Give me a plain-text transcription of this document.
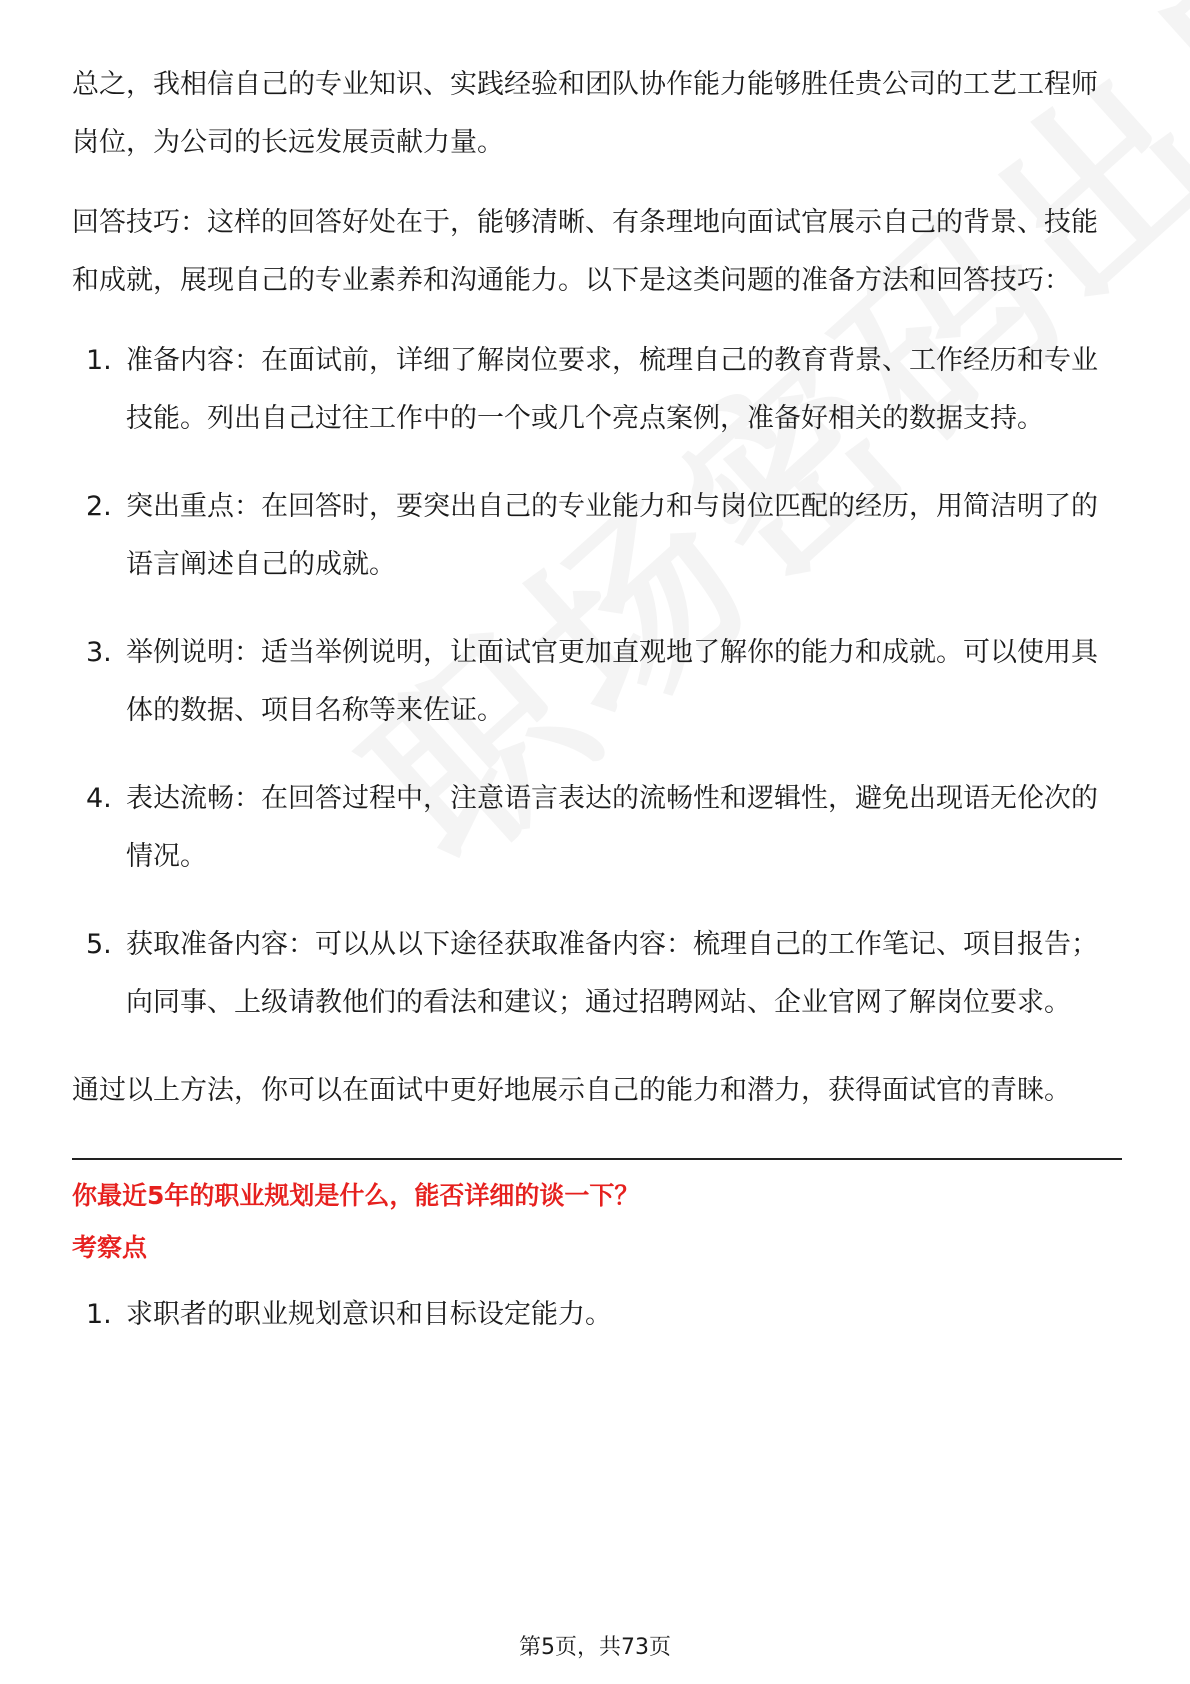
总之，我相信自己的专业知识、实践经验和团队协作能力能够胜任贵公司的工艺工程师岗位，为公司的长远发展贡献力量。

回答技巧：这样的回答好处在于，能够清晰、有条理地向面试官展示自己的背景、技能和成就，展现自己的专业素养和沟通能力。以下是这类问题的准备方法和回答技巧：

1. 准备内容：在面试前，详细了解岗位要求，梳理自己的教育背景、工作经历和专业技能。列出自己过往工作中的一个或几个亮点案例，准备好相关的数据支持。
2. 突出重点：在回答时，要突出自己的专业能力和与岗位匹配的经历，用简洁明了的语言阐述自己的成就。
3. 举例说明：适当举例说明，让面试官更加直观地了解你的能力和成就。可以使用具体的数据、项目名称等来佐证。
4. 表达流畅：在回答过程中，注意语言表达的流畅性和逻辑性，避免出现语无伦次的情况。
5. 获取准备内容：可以从以下途径获取准备内容：梳理自己的工作笔记、项目报告；向同事、上级请教他们的看法和建议；通过招聘网站、企业官网了解岗位要求。

通过以上方法，你可以在面试中更好地展示自己的能力和潜力，获得面试官的青睐。

你最近5年的职业规划是什么，能否详细的谈一下？

考察点

1. 求职者的职业规划意识和目标设定能力。
第5页，共73页
